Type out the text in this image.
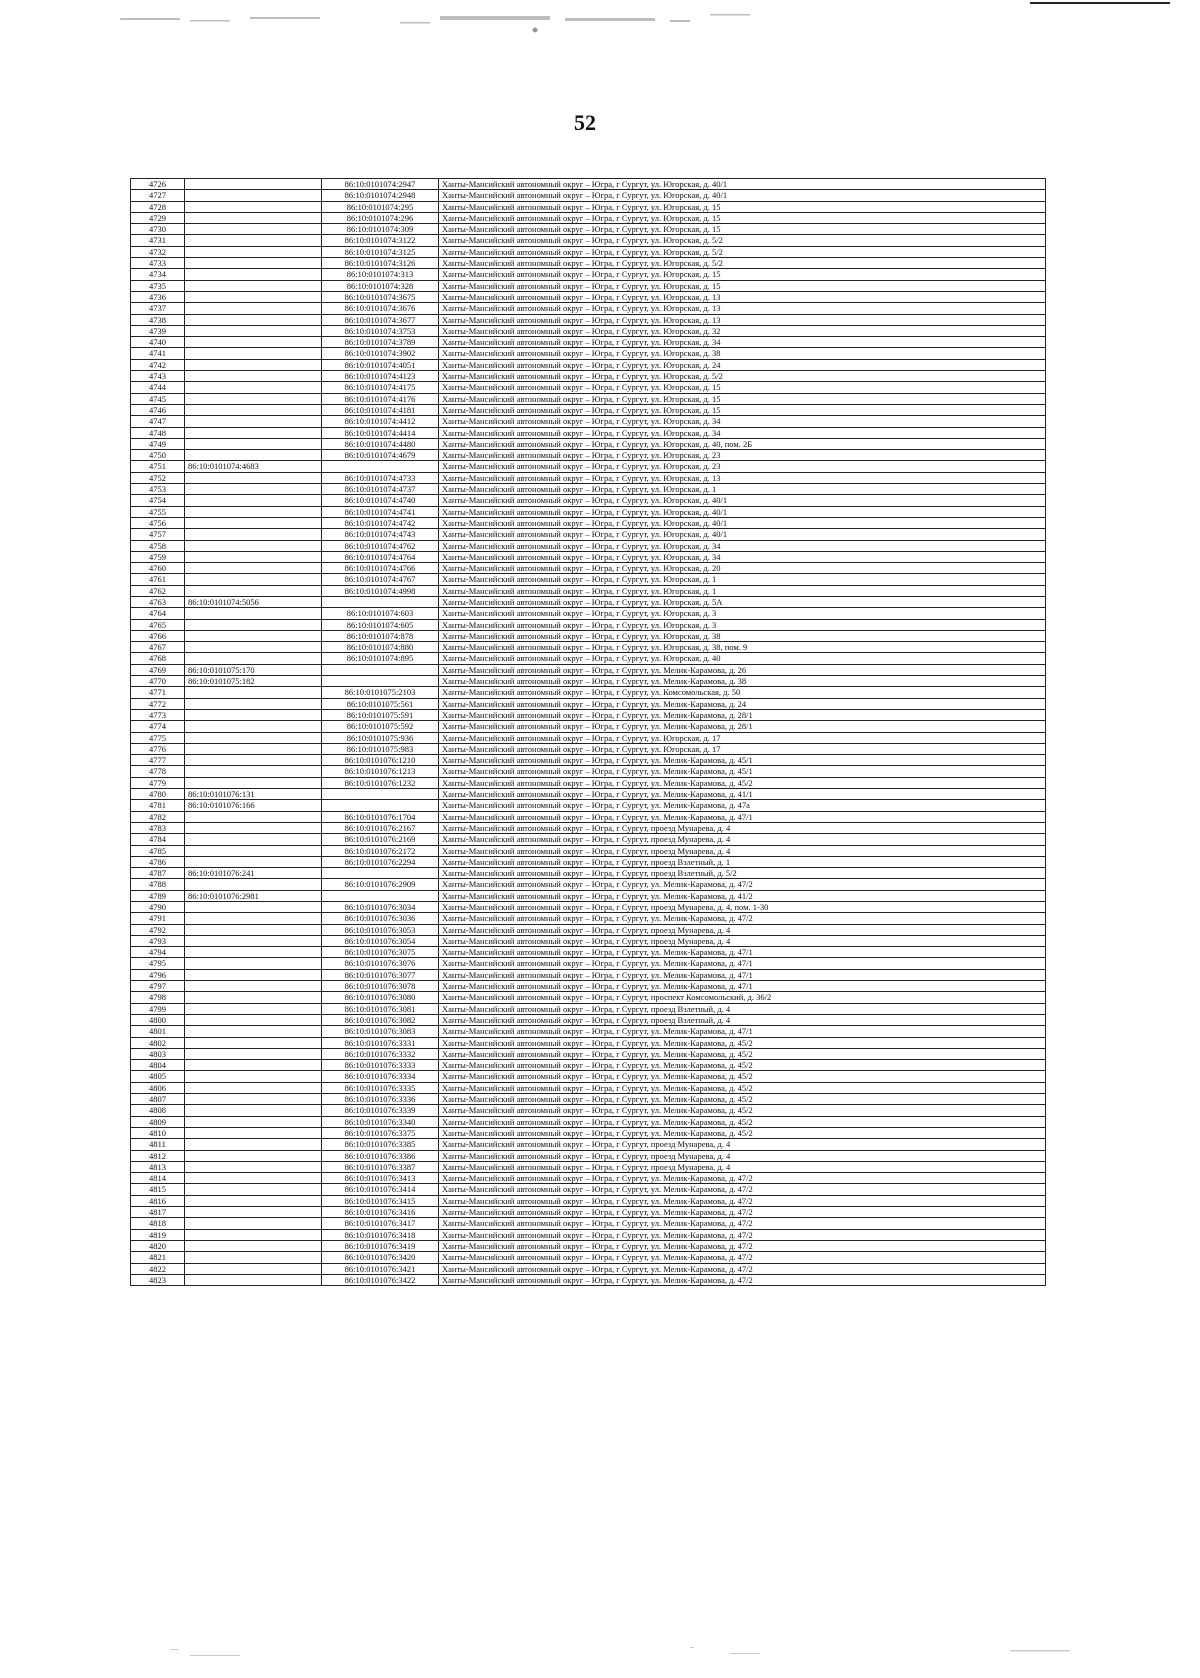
52
4726		86:10:0101074:2947	Ханты-Мансийский автономный округ – Югра, г Сургут, ул. Югорская, д. 40/1
4727		86:10:0101074:2948	Ханты-Мансийский автономный округ – Югра, г Сургут, ул. Югорская, д. 40/1
4728		86:10:0101074:295	Ханты-Мансийский автономный округ – Югра, г Сургут, ул. Югорская, д. 15
4729		86:10:0101074:296	Ханты-Мансийский автономный округ – Югра, г Сургут, ул. Югорская, д. 15
4730		86:10:0101074:309	Ханты-Мансийский автономный округ – Югра, г Сургут, ул. Югорская, д. 15
4731		86:10:0101074:3122	Ханты-Мансийский автономный округ – Югра, г Сургут, ул. Югорская, д. 5/2
4732		86:10:0101074:3125	Ханты-Мансийский автономный округ – Югра, г Сургут, ул. Югорская, д. 5/2
4733		86:10:0101074:3126	Ханты-Мансийский автономный округ – Югра, г Сургут, ул. Югорская, д. 5/2
4734		86:10:0101074:313	Ханты-Мансийский автономный округ – Югра, г Сургут, ул. Югорская, д. 15
4735		86:10:0101074:328	Ханты-Мансийский автономный округ – Югра, г Сургут, ул. Югорская, д. 15
4736		86:10:0101074:3675	Ханты-Мансийский автономный округ – Югра, г Сургут, ул. Югорская, д. 13
4737		86:10:0101074:3676	Ханты-Мансийский автономный округ – Югра, г Сургут, ул. Югорская, д. 13
4738		86:10:0101074:3677	Ханты-Мансийский автономный округ – Югра, г Сургут, ул. Югорская, д. 13
4739		86:10:0101074:3753	Ханты-Мансийский автономный округ – Югра, г Сургут, ул. Югорская, д. 32
4740		86:10:0101074:3789	Ханты-Мансийский автономный округ – Югра, г Сургут, ул. Югорская, д. 34
4741		86:10:0101074:3902	Ханты-Мансийский автономный округ – Югра, г Сургут, ул. Югорская, д. 38
4742		86:10:0101074:4051	Ханты-Мансийский автономный округ – Югра, г Сургут, ул. Югорская, д. 24
4743		86:10:0101074:4123	Ханты-Мансийский автономный округ – Югра, г Сургут, ул. Югорская, д. 5/2
4744		86:10:0101074:4175	Ханты-Мансийский автономный округ – Югра, г Сургут, ул. Югорская, д. 15
4745		86:10:0101074:4176	Ханты-Мансийский автономный округ – Югра, г Сургут, ул. Югорская, д. 15
4746		86:10:0101074:4181	Ханты-Мансийский автономный округ – Югра, г Сургут, ул. Югорская, д. 15
4747		86:10:0101074:4412	Ханты-Мансийский автономный округ – Югра, г Сургут, ул. Югорская, д. 34
4748		86:10:0101074:4414	Ханты-Мансийский автономный округ – Югра, г Сургут, ул. Югорская, д. 34
4749		86:10:0101074:4480	Ханты-Мансийский автономный округ – Югра, г Сургут, ул. Югорская, д. 40, пом. 2Б
4750		86:10:0101074:4679	Ханты-Мансийский автономный округ – Югра, г Сургут, ул. Югорская, д. 23
4751	86:10:0101074:4683		Ханты-Мансийский автономный округ – Югра, г Сургут, ул. Югорская, д. 23
4752		86:10:0101074:4733	Ханты-Мансийский автономный округ – Югра, г Сургут, ул. Югорская, д. 13
4753		86:10:0101074:4737	Ханты-Мансийский автономный округ – Югра, г Сургут, ул. Югорская, д. 1
4754		86:10:0101074:4740	Ханты-Мансийский автономный округ – Югра, г Сургут, ул. Югорская, д. 40/1
4755		86:10:0101074:4741	Ханты-Мансийский автономный округ – Югра, г Сургут, ул. Югорская, д. 40/1
4756		86:10:0101074:4742	Ханты-Мансийский автономный округ – Югра, г Сургут, ул. Югорская, д. 40/1
4757		86:10:0101074:4743	Ханты-Мансийский автономный округ – Югра, г Сургут, ул. Югорская, д. 40/1
4758		86:10:0101074:4762	Ханты-Мансийский автономный округ – Югра, г Сургут, ул. Югорская, д. 34
4759		86:10:0101074:4764	Ханты-Мансийский автономный округ – Югра, г Сургут, ул. Югорская, д. 34
4760		86:10:0101074:4766	Ханты-Мансийский автономный округ – Югра, г Сургут, ул. Югорская, д. 20
4761		86:10:0101074:4767	Ханты-Мансийский автономный округ – Югра, г Сургут, ул. Югорская, д. 1
4762		86:10:0101074:4998	Ханты-Мансийский автономный округ – Югра, г Сургут, ул. Югорская, д. 1
4763	86:10:0101074:5056		Ханты-Мансийский автономный округ – Югра, г Сургут, ул. Югорская, д. 5А
4764		86:10:0101074:603	Ханты-Мансийский автономный округ – Югра, г Сургут, ул. Югорская, д. 3
4765		86:10:0101074:605	Ханты-Мансийский автономный округ – Югра, г Сургут, ул. Югорская, д. 3
4766		86:10:0101074:878	Ханты-Мансийский автономный округ – Югра, г Сургут, ул. Югорская, д. 38
4767		86:10:0101074:880	Ханты-Мансийский автономный округ – Югра, г Сургут, ул. Югорская, д. 38, пом. 9
4768		86:10:0101074:895	Ханты-Мансийский автономный округ – Югра, г Сургут, ул. Югорская, д. 40
4769	86:10:0101075:170		Ханты-Мансийский автономный округ – Югра, г Сургут, ул. Мелик-Карамова, д. 26
4770	86:10:0101075:182		Ханты-Мансийский автономный округ – Югра, г Сургут, ул. Мелик-Карамова, д. 38
4771		86:10:0101075:2103	Ханты-Мансийский автономный округ – Югра, г Сургут, ул. Комсомольская, д. 50
4772		86:10:0101075:561	Ханты-Мансийский автономный округ – Югра, г Сургут, ул. Мелик-Карамова, д. 24
4773		86:10:0101075:591	Ханты-Мансийский автономный округ – Югра, г Сургут, ул. Мелик-Карамова, д. 28/1
4774		86:10:0101075:592	Ханты-Мансийский автономный округ – Югра, г Сургут, ул. Мелик-Карамова, д. 28/1
4775		86:10:0101075:936	Ханты-Мансийский автономный округ – Югра, г Сургут, ул. Югорская, д. 17
4776		86:10:0101075:983	Ханты-Мансийский автономный округ – Югра, г Сургут, ул. Югорская, д. 17
4777		86:10:0101076:1210	Ханты-Мансийский автономный округ – Югра, г Сургут, ул. Мелик-Карамова, д. 45/1
4778		86:10:0101076:1213	Ханты-Мансийский автономный округ – Югра, г Сургут, ул. Мелик-Карамова, д. 45/1
4779		86:10:0101076:1232	Ханты-Мансийский автономный округ – Югра, г Сургут, ул. Мелик-Карамова, д. 45/2
4780	86:10:0101076:131		Ханты-Мансийский автономный округ – Югра, г Сургут, ул. Мелик-Карамова, д. 41/1
4781	86:10:0101076:166		Ханты-Мансийский автономный округ – Югра, г Сургут, ул. Мелик-Карамова, д. 47а
4782		86:10:0101076:1704	Ханты-Мансийский автономный округ – Югра, г Сургут, ул. Мелик-Карамова, д. 47/1
4783		86:10:0101076:2167	Ханты-Мансийский автономный округ – Югра, г Сургут, проезд Мунарева, д. 4
4784		86:10:0101076:2169	Ханты-Мансийский автономный округ – Югра, г Сургут, проезд Мунарева, д. 4
4785		86:10:0101076:2172	Ханты-Мансийский автономный округ – Югра, г Сургут, проезд Мунарева, д. 4
4786		86:10:0101076:2294	Ханты-Мансийский автономный округ – Югра, г Сургут, проезд Взлетный, д. 1
4787	86:10:0101076:241		Ханты-Мансийский автономный округ – Югра, г Сургут, проезд Взлетный, д. 5/2
4788		86:10:0101076:2909	Ханты-Мансийский автономный округ – Югра, г Сургут, ул. Мелик-Карамова, д. 47/2
4789	86:10:0101076:2981		Ханты-Мансийский автономный округ – Югра, г Сургут, ул. Мелик-Карамова, д. 41/2
4790		86:10:0101076:3034	Ханты-Мансийский автономный округ – Югра, г Сургут, проезд Мунарева, д. 4, пом. 1-30
4791		86:10:0101076:3036	Ханты-Мансийский автономный округ – Югра, г Сургут, ул. Мелик-Карамова, д. 47/2
4792		86:10:0101076:3053	Ханты-Мансийский автономный округ – Югра, г Сургут, проезд Мунарева, д. 4
4793		86:10:0101076:3054	Ханты-Мансийский автономный округ – Югра, г Сургут, проезд Мунарева, д. 4
4794		86:10:0101076:3075	Ханты-Мансийский автономный округ – Югра, г Сургут, ул. Мелик-Карамова, д. 47/1
4795		86:10:0101076:3076	Ханты-Мансийский автономный округ – Югра, г Сургут, ул. Мелик-Карамова, д. 47/1
4796		86:10:0101076:3077	Ханты-Мансийский автономный округ – Югра, г Сургут, ул. Мелик-Карамова, д. 47/1
4797		86:10:0101076:3078	Ханты-Мансийский автономный округ – Югра, г Сургут, ул. Мелик-Карамова, д. 47/1
4798		86:10:0101076:3080	Ханты-Мансийский автономный округ – Югра, г Сургут, проспект Комсомольский, д. 36/2
4799		86:10:0101076:3081	Ханты-Мансийский автономный округ – Югра, г Сургут, проезд Взлетный, д. 4
4800		86:10:0101076:3082	Ханты-Мансийский автономный округ – Югра, г Сургут, проезд Взлетный, д. 4
4801		86:10:0101076:3083	Ханты-Мансийский автономный округ – Югра, г Сургут, ул. Мелик-Карамова, д. 47/1
4802		86:10:0101076:3331	Ханты-Мансийский автономный округ – Югра, г Сургут, ул. Мелик-Карамова, д. 45/2
4803		86:10:0101076:3332	Ханты-Мансийский автономный округ – Югра, г Сургут, ул. Мелик-Карамова, д. 45/2
4804		86:10:0101076:3333	Ханты-Мансийский автономный округ – Югра, г Сургут, ул. Мелик-Карамова, д. 45/2
4805		86:10:0101076:3334	Ханты-Мансийский автономный округ – Югра, г Сургут, ул. Мелик-Карамова, д. 45/2
4806		86:10:0101076:3335	Ханты-Мансийский автономный округ – Югра, г Сургут, ул. Мелик-Карамова, д. 45/2
4807		86:10:0101076:3336	Ханты-Мансийский автономный округ – Югра, г Сургут, ул. Мелик-Карамова, д. 45/2
4808		86:10:0101076:3339	Ханты-Мансийский автономный округ – Югра, г Сургут, ул. Мелик-Карамова, д. 45/2
4809		86:10:0101076:3340	Ханты-Мансийский автономный округ – Югра, г Сургут, ул. Мелик-Карамова, д. 45/2
4810		86:10:0101076:3375	Ханты-Мансийский автономный округ – Югра, г Сургут, ул. Мелик-Карамова, д. 45/2
4811		86:10:0101076:3385	Ханты-Мансийский автономный округ – Югра, г Сургут, проезд Мунарева, д. 4
4812		86:10:0101076:3386	Ханты-Мансийский автономный округ – Югра, г Сургут, проезд Мунарева, д. 4
4813		86:10:0101076:3387	Ханты-Мансийский автономный округ – Югра, г Сургут, проезд Мунарева, д. 4
4814		86:10:0101076:3413	Ханты-Мансийский автономный округ – Югра, г Сургут, ул. Мелик-Карамова, д. 47/2
4815		86:10:0101076:3414	Ханты-Мансийский автономный округ – Югра, г Сургут, ул. Мелик-Карамова, д. 47/2
4816		86:10:0101076:3415	Ханты-Мансийский автономный округ – Югра, г Сургут, ул. Мелик-Карамова, д. 47/2
4817		86:10:0101076:3416	Ханты-Мансийский автономный округ – Югра, г Сургут, ул. Мелик-Карамова, д. 47/2
4818		86:10:0101076:3417	Ханты-Мансийский автономный округ – Югра, г Сургут, ул. Мелик-Карамова, д. 47/2
4819		86:10:0101076:3418	Ханты-Мансийский автономный округ – Югра, г Сургут, ул. Мелик-Карамова, д. 47/2
4820		86:10:0101076:3419	Ханты-Мансийский автономный округ – Югра, г Сургут, ул. Мелик-Карамова, д. 47/2
4821		86:10:0101076:3420	Ханты-Мансийский автономный округ – Югра, г Сургут, ул. Мелик-Карамова, д. 47/2
4822		86:10:0101076:3421	Ханты-Мансийский автономный округ – Югра, г Сургут, ул. Мелик-Карамова, д. 47/2
4823		86:10:0101076:3422	Ханты-Мансийский автономный округ – Югра, г Сургут, ул. Мелик-Карамова, д. 47/2
